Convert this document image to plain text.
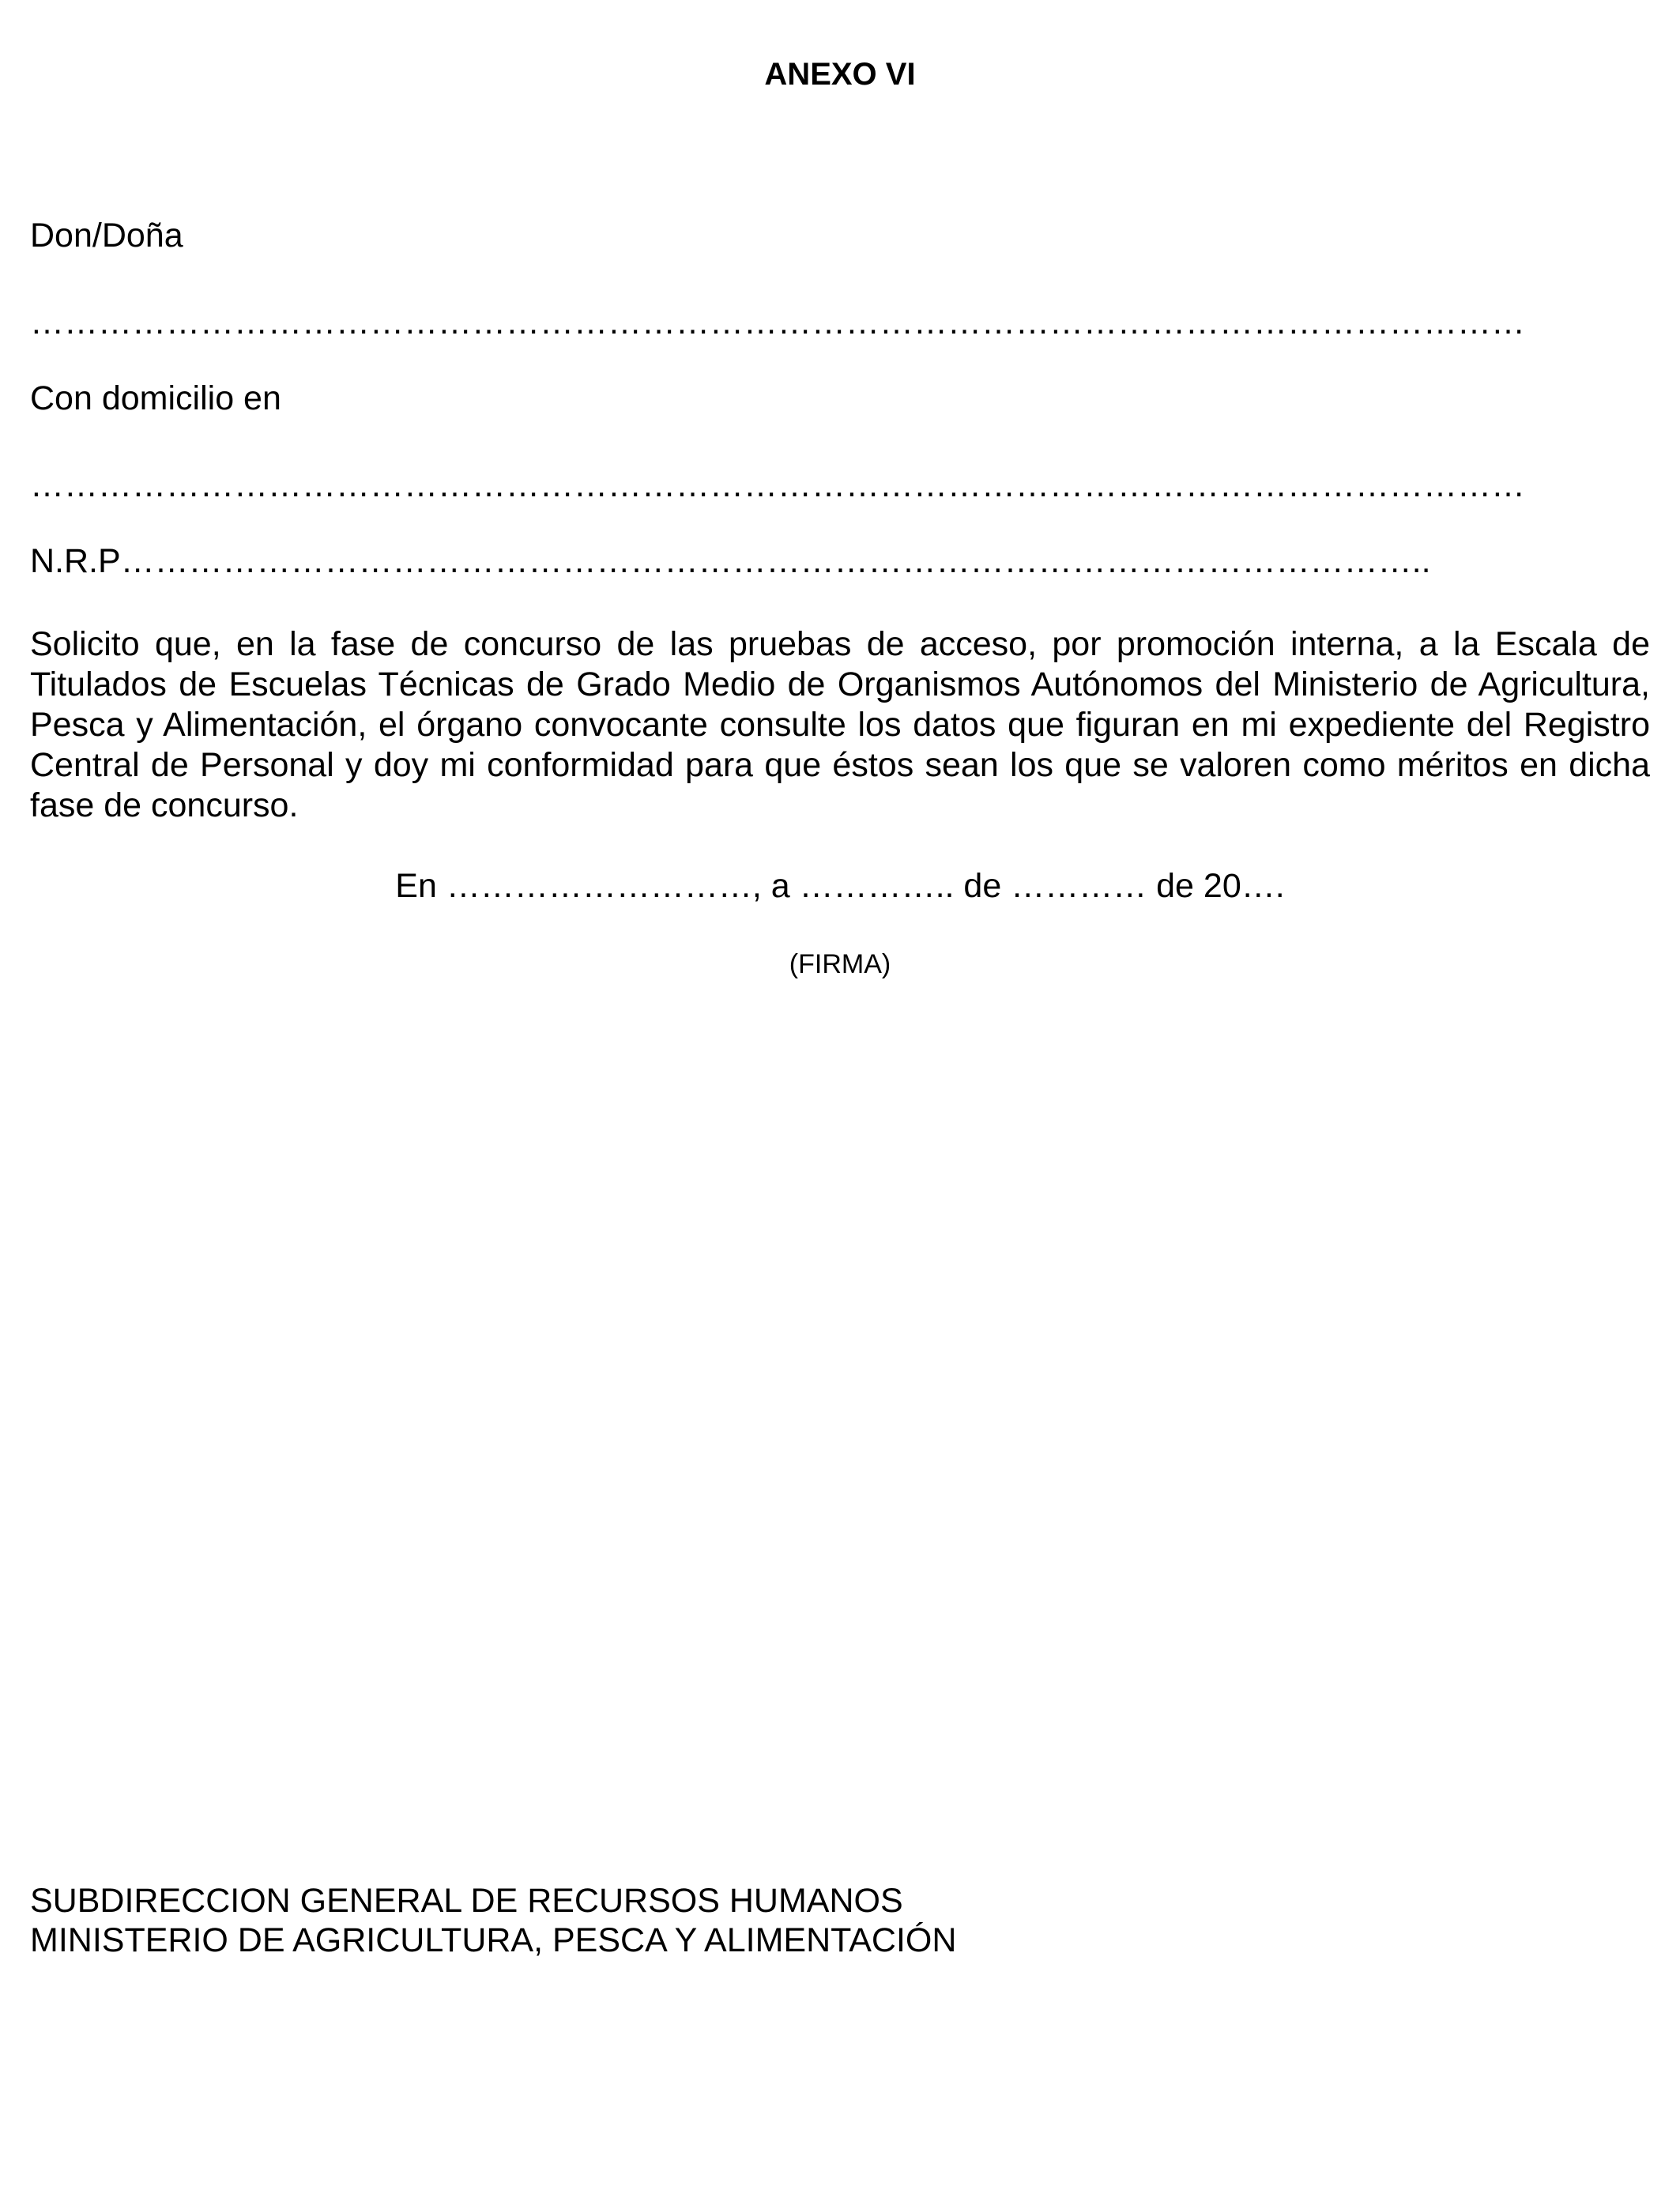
ANEXO VI
Don/Doña
……………………………………………………………………………………………………………………
Con domicilio en
……………………………………………………………………………………………………………………
N.R.P……………………………………………………………………………………………………..
Solicito que, en la fase de concurso de las pruebas de acceso, por promoción interna, a la Escala de Titulados de Escuelas Técnicas de Grado Medio de Organismos Autónomos del Ministerio de Agricultura, Pesca y Alimentación, el órgano convocante consulte los datos que figuran en mi expediente del Registro Central de Personal y doy mi conformidad para que éstos sean los que se valoren como méritos en dicha fase de concurso.
En ………………………, a ………….. de ………… de 20….
(FIRMA)
SUBDIRECCION GENERAL DE RECURSOS HUMANOS
MINISTERIO DE AGRICULTURA, PESCA Y ALIMENTACIÓN
